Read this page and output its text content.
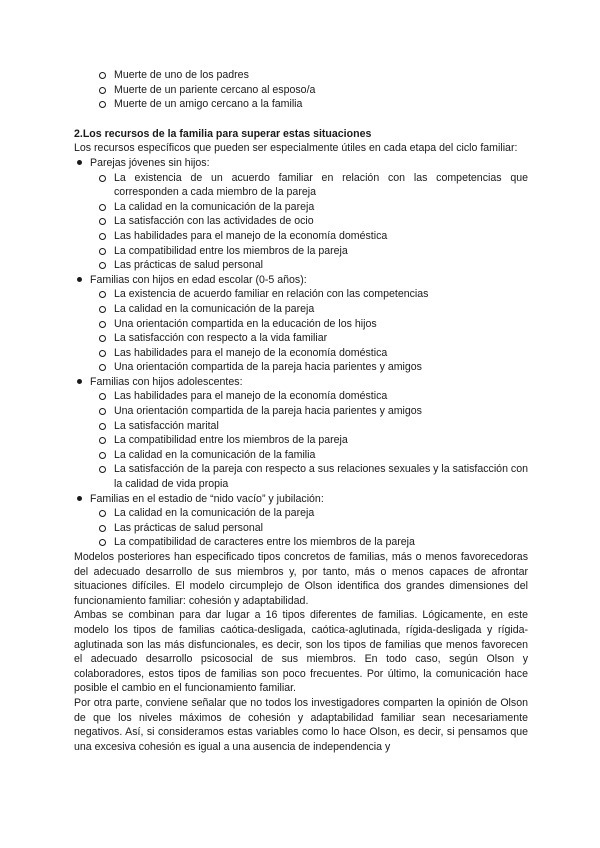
Muerte de uno de los padres
Muerte de un pariente cercano al esposo/a
Muerte de un amigo cercano a la familia
2.Los recursos de la familia para superar estas situaciones

Los recursos específicos que pueden ser especialmente útiles en cada etapa del ciclo familiar:

Parejas jóvenes sin hijos:
La existencia de un acuerdo familiar en relación con las competencias que corresponden a cada miembro de la pareja
La calidad en la comunicación de la pareja
La satisfacción con las actividades de ocio
Las habilidades para el manejo de la economía doméstica
La compatibilidad entre los miembros de la pareja
Las prácticas de salud personal
Familias con hijos en edad escolar (0-5 años):
La existencia de acuerdo familiar en relación con las competencias
La calidad en la comunicación de la pareja
Una orientación compartida en la educación de los hijos
La satisfacción con respecto a la vida familiar
Las habilidades para el manejo de la economía doméstica
Una orientación compartida de la pareja hacia parientes y amigos
Familias con hijos adolescentes:
Las habilidades para el manejo de la economía doméstica
Una orientación compartida de la pareja hacia parientes y amigos
La satisfacción marital
La compatibilidad entre los miembros de la pareja
La calidad en la comunicación de la familia
La satisfacción de la pareja con respecto a sus relaciones sexuales y la satisfacción con la calidad de vida propia
Familias en el estadio de “nido vacío” y jubilación:
La calidad en la comunicación de la pareja
Las prácticas de salud personal
La compatibilidad de caracteres entre los miembros de la pareja

Modelos posteriores han especificado tipos concretos de familias, más o menos favorecedoras del adecuado desarrollo de sus miembros y, por tanto, más o menos capaces de afrontar situaciones difíciles. El modelo circumplejo de Olson identifica dos grandes dimensiones del funcionamiento familiar: cohesión y adaptabilidad.

Ambas se combinan para dar lugar a 16 tipos diferentes de familias. Lógicamente, en este modelo los tipos de familias caótica-desligada, caótica-aglutinada, rígida-desligada y rígida-aglutinada son las más disfuncionales, es decir, son los tipos de familias que menos favorecen el adecuado desarrollo psicosocial de sus miembros. En todo caso, según Olson y colaboradores, estos tipos de familias son poco frecuentes. Por último, la comunicación hace posible el cambio en el funcionamiento familiar.

Por otra parte, conviene señalar que no todos los investigadores comparten la opinión de Olson de que los niveles máximos de cohesión y adaptabilidad familiar sean necesariamente negativos. Así, si consideramos estas variables como lo hace Olson, es decir, si pensamos que una excesiva cohesión es igual a una ausencia de independencia y
